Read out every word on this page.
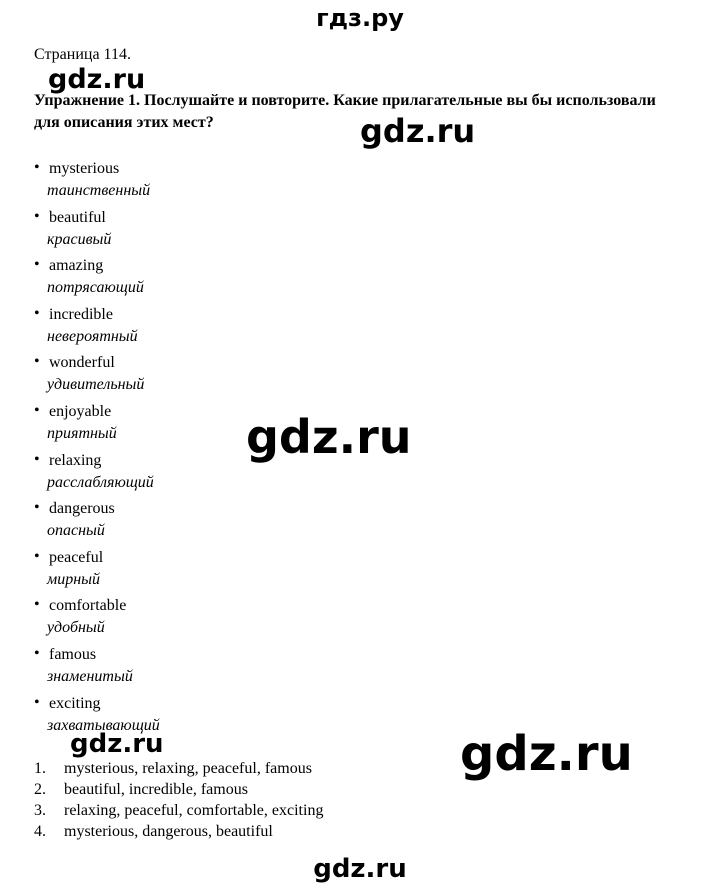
гдз.ру
Страница 114.
Упражнение 1. Послушайте и повторите. Какие прилагательные вы бы использовали для описания этих мест?
• mysterious
таинственный
• beautiful
красивый
• amazing
потрясающий
• incredible
невероятный
• wonderful
удивительный
• enjoyable
приятный
• relaxing
расслабляющий
• dangerous
опасный
• peaceful
мирный
• comfortable
удобный
• famous
знаменитый
• exciting
захватывающий
1. mysterious, relaxing, peaceful, famous
2. beautiful, incredible, famous
3. relaxing, peaceful, comfortable, exciting
4. mysterious, dangerous, beautiful
gdz.ru
gdz.ru
gdz.ru
gdz.ru	gdz.ru
gdz.ru
